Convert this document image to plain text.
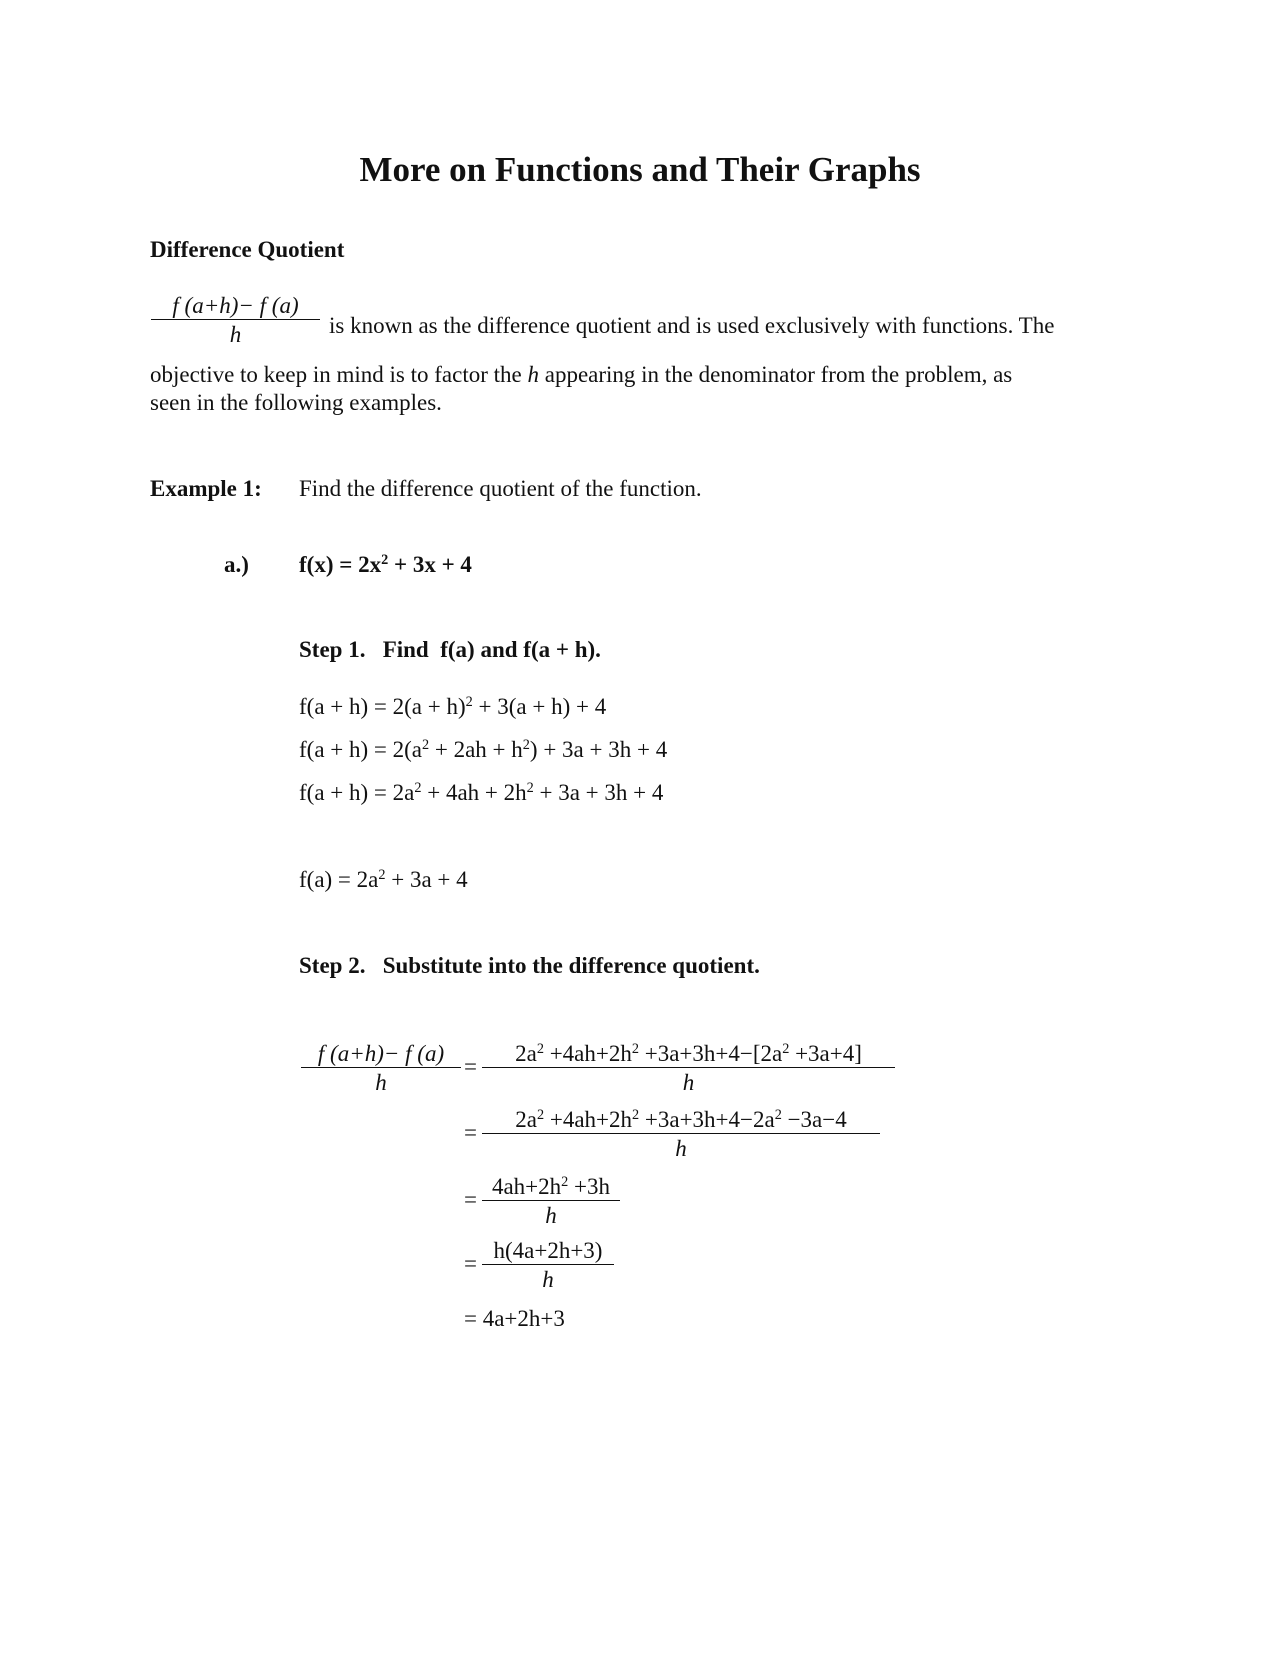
More on Functions and Their Graphs
Difference Quotient
f (a+h)− f (a)
h	is known as the difference quotient and is used exclusively with functions. The
objective to keep in mind is to factor the h appearing in the denominator from the problem, as
seen in the following examples.
Example 1: Find the difference quotient of the function.
a.) $f(x) = 2x^2 + 3x + 4$
Step 1.   Find  f(a) and f(a + h).
$f(a + h) = 2(a + h)^2 + 3(a + h) + 4$
$f(a + h) = 2(a^2 + 2ah + h^2) + 3a + 3h + 4$
$f(a + h) = 2a^2 + 4ah + 2h^2 + 3a + 3h + 4$
$f(a) = 2a^2 + 3a + 4$
Step 2.   Substitute into the difference quotient.
f (a+h)− f (a)
h
=
$2a^2 +4ah+2h^2 +3a+3h+4-[2a^2 +3a+4]$
h
=
$2a^2 +4ah+2h^2 +3a+3h+4-2a^2 -3a-4$
h
=
$4ah+2h^2 +3h$
h
=
h(4a+2h+3)
h
= 4a+2h+3
